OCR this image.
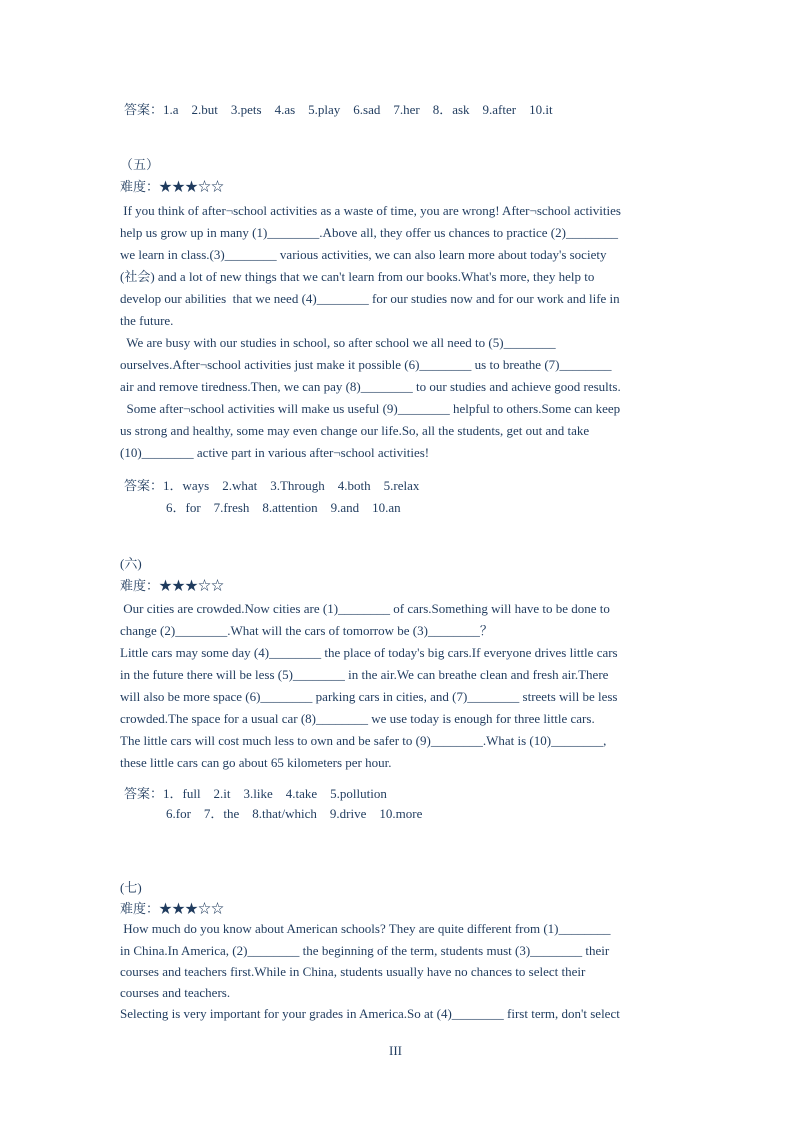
答案：1.a    2.but    3.pets    4.as    5.play    6.sad    7.her    8．ask    9.after    10.it
（五）
难度：★★★☆☆
If you think of after¬school activities as a waste of time, you are wrong! After¬school activities
help us grow up in many (1)________.Above all, they offer us chances to practice (2)________
we learn in class.(3)________ various activities, we can also learn more about today's society
(社会) and a lot of new things that we can't learn from our books.What's more, they help to
develop our abilities  that we need (4)________ for our studies now and for our work and life in
the future.
We are busy with our studies in school, so after school we all need to (5)________
ourselves.After¬school activities just make it possible (6)________ us to breathe (7)________
air and remove tiredness.Then, we can pay (8)________ to our studies and achieve good results.
Some after¬school activities will make us useful (9)________ helpful to others.Some can keep
us strong and healthy, some may even change our life.So, all the students, get out and take
(10)________ active part in various after¬school activities!
答案：1．ways    2.what    3.Through    4.both    5.relax
6．for    7.fresh    8.attention    9.and    10.an
(六)
难度：★★★☆☆
Our cities are crowded.Now cities are (1)________ of cars.Something will have to be done to
change (2)________.What will the cars of tomorrow be (3)________？
Little cars may some day (4)________ the place of today's big cars.If everyone drives little cars
in the future there will be less (5)________ in the air.We can breathe clean and fresh air.There
will also be more space (6)________ parking cars in cities, and (7)________ streets will be less
crowded.The space for a usual car (8)________ we use today is enough for three little cars.
The little cars will cost much less to own and be safer to (9)________.What is (10)________,
these little cars can go about 65 kilometers per hour.
答案：1．full    2.it    3.like    4.take    5.pollution
6.for    7．the    8.that/which    9.drive    10.more
(七)
难度：★★★☆☆
How much do you know about American schools? They are quite different from (1)________
in China.In America, (2)________ the beginning of the term, students must (3)________ their
courses and teachers first.While in China, students usually have no chances to select their
courses and teachers.
Selecting is very important for your grades in America.So at (4)________ first term, don't select
III
